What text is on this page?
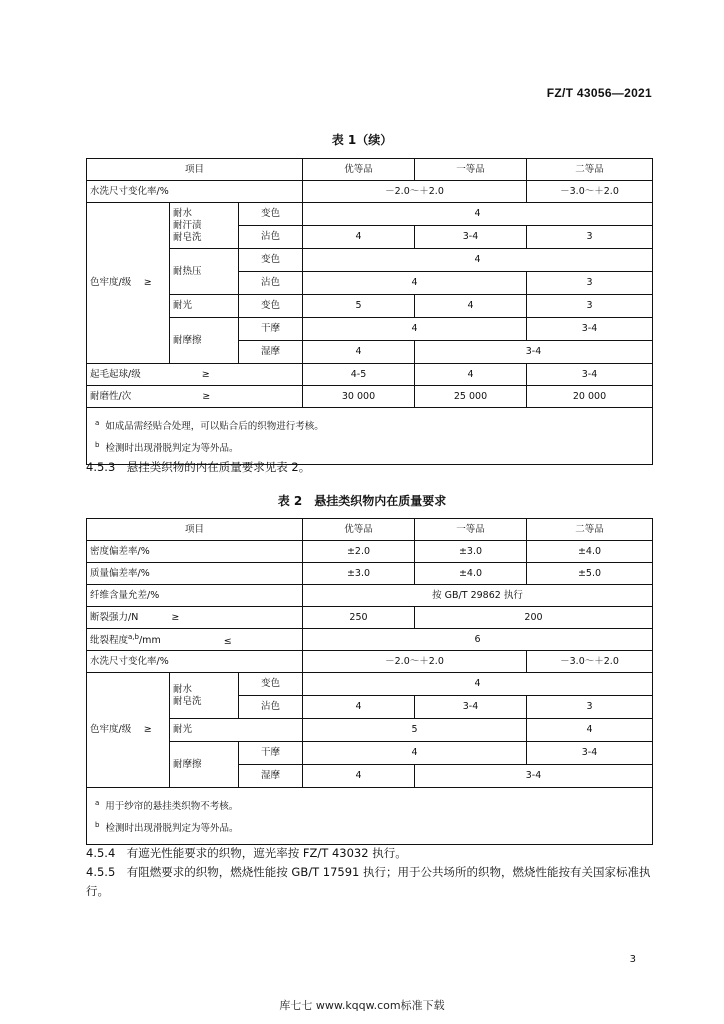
FZ/T 43056—2021
表 1（续）
项目			优等品	一等品	二等品
水洗尺寸变化率/%			－2.0～＋2.0		－3.0～＋2.0
色牢度/级　 ≥	耐水
耐汗渍
耐皂洗	变色	4		
		沾色	4	3-4	3
	耐热压	变色	4		
		沾色	4		3
	耐光	变色	5	4	3
	耐摩擦	干摩	4		3-4
		湿摩	4	3-4	
起毛起球/级 ≥			4-5	4	3-4
耐磨性/次 ≥			30 000	25 000	20 000

$^a$ 如成品需经贴合处理，可以贴合后的织物进行考核。
$^b$ 检测时出现滑脱判定为等外品。					
4.5.3　悬挂类织物的内在质量要求见表 2。
表 2　悬挂类织物内在质量要求
项目			优等品	一等品	二等品
密度偏差率/%			±2.0	±3.0	±4.0
质量偏差率/%			±3.0	±4.0	±5.0
纤维含量允差/%			按 GB/T 29862 执行		
断裂强力/N ≥			250	200	
纰裂程度$^{a,b}$/mm ≤			6		
水洗尺寸变化率/%			－2.0～＋2.0		－3.0～＋2.0
色牢度/级　 ≥	耐水
耐皂洗	变色	4		
		沾色	4	3-4	3
	耐光		5		4
	耐摩擦	干摩	4		3-4
		湿摩	4	3-4	

$^a$ 用于纱帘的悬挂类织物不考核。
$^b$ 检测时出现滑脱判定为等外品。					
4.5.4　有遮光性能要求的织物，遮光率按 FZ/T 43032 执行。
4.5.5　有阻燃要求的织物，燃烧性能按 GB/T 17591 执行；用于公共场所的织物，燃烧性能按有关国家标准执行。
3
库七七 www.kqqw.com标准下载
